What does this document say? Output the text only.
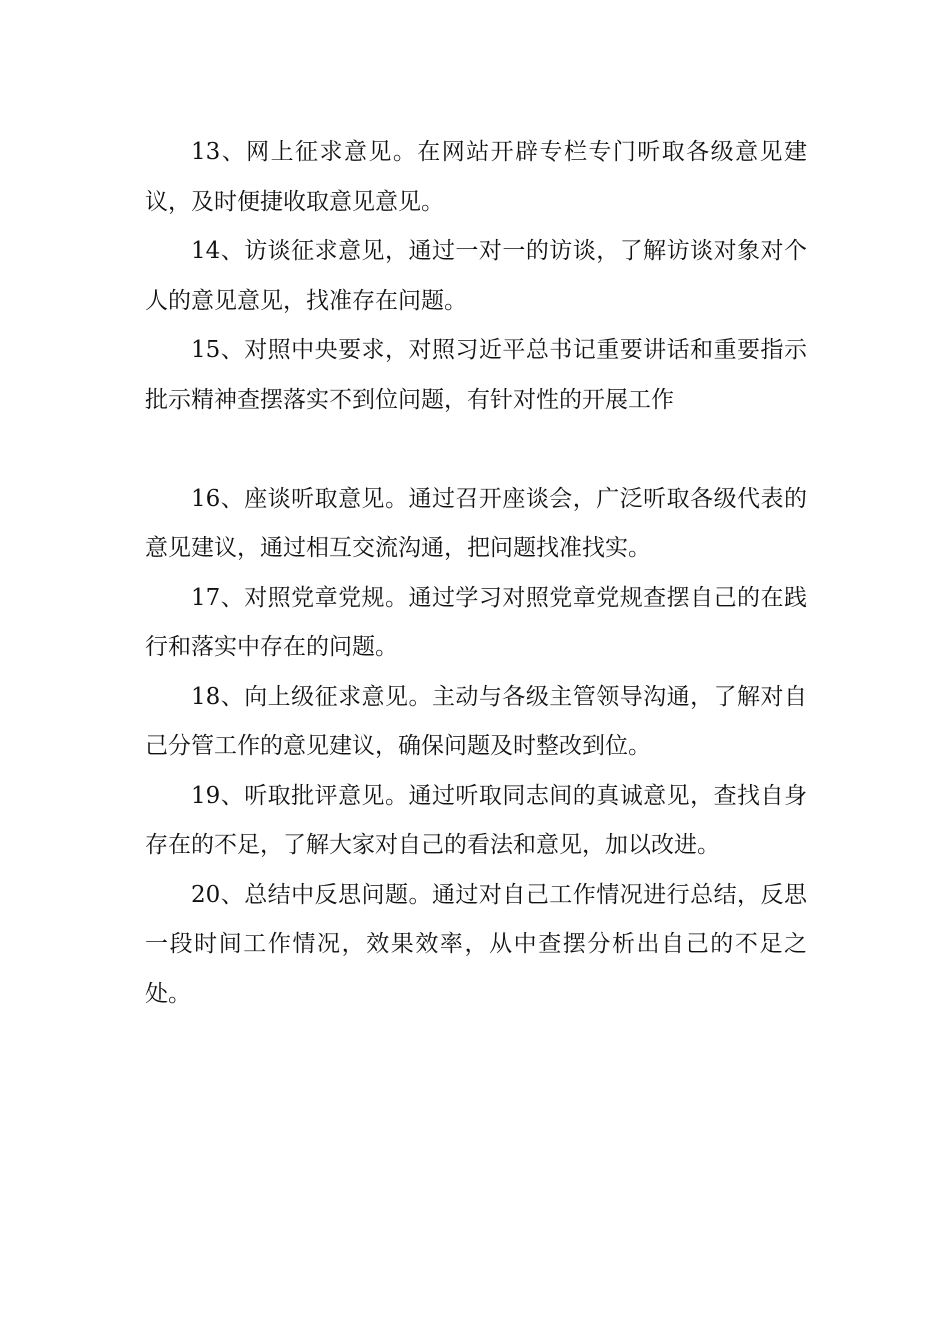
13、网上征求意见。在网站开辟专栏专门听取各级意见建议，及时便捷收取意见意见。

14、访谈征求意见，通过一对一的访谈，了解访谈对象对个人的意见意见，找准存在问题。

15、对照中央要求，对照习近平总书记重要讲话和重要指示批示精神查摆落实不到位问题，有针对性的开展工作

16、座谈听取意见。通过召开座谈会，广泛听取各级代表的意见建议，通过相互交流沟通，把问题找准找实。

17、对照党章党规。通过学习对照党章党规查摆自己的在践行和落实中存在的问题。

18、向上级征求意见。主动与各级主管领导沟通，了解对自己分管工作的意见建议，确保问题及时整改到位。

19、听取批评意见。通过听取同志间的真诚意见，查找自身存在的不足，了解大家对自己的看法和意见，加以改进。

20、总结中反思问题。通过对自己工作情况进行总结，反思一段时间工作情况，效果效率，从中查摆分析出自己的不足之处。
